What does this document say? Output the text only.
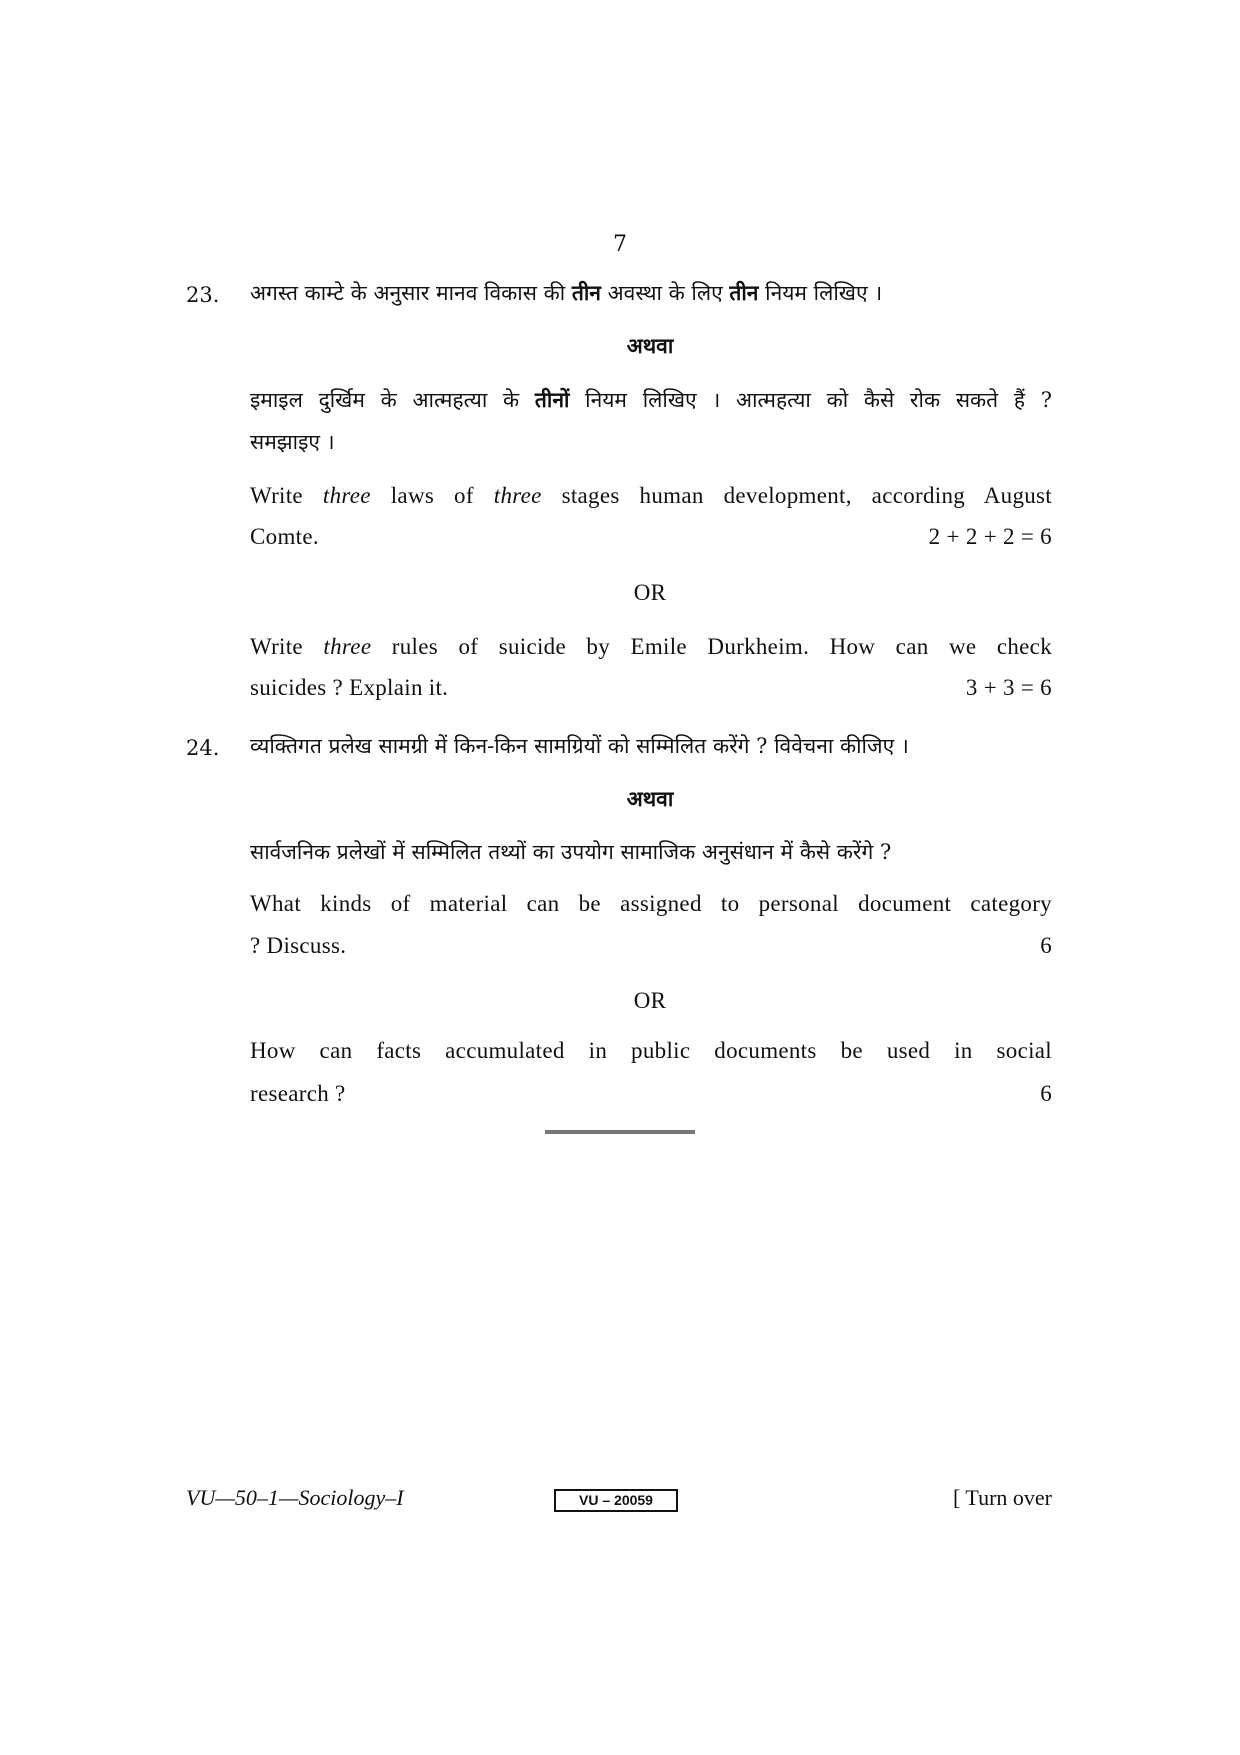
7
23. अगस्त काम्टे के अनुसार मानव विकास की तीन अवस्था के लिए तीन नियम लिखिए ।
अथवा
इमाइल दुर्खिम के आत्महत्या के तीनों नियम लिखिए । आत्महत्या को कैसे रोक सकते हैं ?
समझाइए ।
Write three laws of three stages human development, according August
Comte.	2 + 2 + 2 = 6
OR
Write three rules of suicide by Emile Durkheim. How can we check
suicides ? Explain it.	3 + 3 = 6
24. व्यक्तिगत प्रलेख सामग्री में किन-किन सामग्रियों को सम्मिलित करेंगे ? विवेचना कीजिए ।
अथवा
सार्वजनिक प्रलेखों में सम्मिलित तथ्यों का उपयोग सामाजिक अनुसंधान में कैसे करेंगे ?
What kinds of material can be assigned to personal document category
? Discuss.	6
OR
How can facts accumulated in public documents be used in social
research ?	6
VU—50–1—Sociology–I	VU – 20059	[ Turn over
